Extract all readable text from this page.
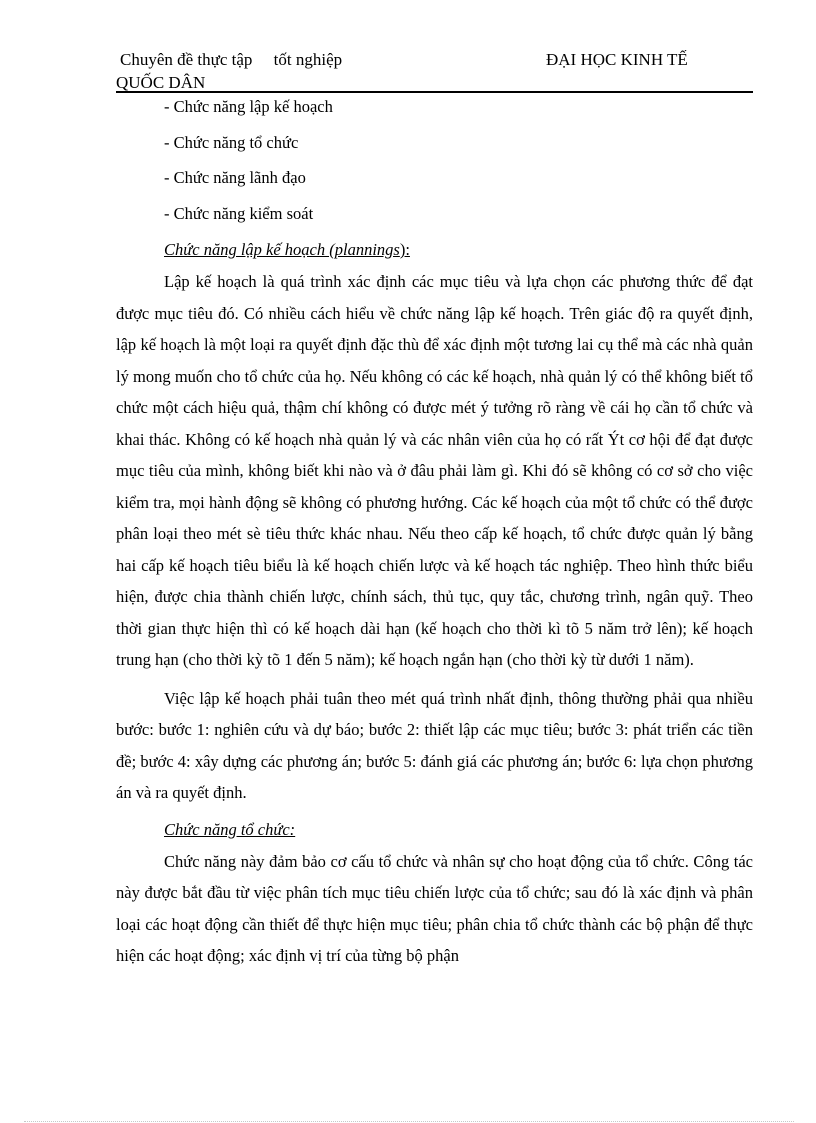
Chuyên đề thực tập     tốt nghiệp	ĐẠI HỌC KINH TẾ
QUỐC DÂN
- Chức năng lập kế hoạch
- Chức năng tổ chức
- Chức năng lãnh đạo
- Chức năng kiểm soát
Chức năng lập kế hoạch (plannings):

Lập kế hoạch là quá trình xác định các mục tiêu và lựa chọn các phương thức để đạt được mục tiêu đó. Có nhiều cách hiểu về chức năng lập kế hoạch. Trên giác độ ra quyết định, lập kế hoạch là một loại ra quyết định đặc thù để xác định một tương lai cụ thể mà các nhà quản lý mong muốn cho tổ chức của họ. Nếu không có các kế hoạch, nhà quản lý có thể không biết tổ chức một cách hiệu quả, thậm chí không có được mét ý tưởng rõ ràng về cái họ cần tổ chức và khai thác. Không có kế hoạch nhà quản lý và các nhân viên của họ có rất Ýt cơ hội để đạt được mục tiêu của mình, không biết khi nào và ở đâu phải làm gì. Khi đó sẽ không có cơ sở cho việc kiểm tra, mọi hành động sẽ không có phương hướng. Các kế hoạch của một tổ chức có thể được phân loại theo mét sè tiêu thức khác nhau. Nếu theo cấp kế hoạch, tổ chức được quản lý bằng hai cấp kế hoạch tiêu biểu là kế hoạch chiến lược và kế hoạch tác nghiệp. Theo hình thức biểu hiện, được chia thành chiến lược, chính sách, thủ tục, quy tắc, chương trình, ngân quỹ. Theo thời gian thực hiện thì có kế hoạch dài hạn (kế hoạch cho thời kì tõ 5 năm trở lên); kế hoạch trung hạn (cho thời kỳ tõ 1 đến 5 năm); kế hoạch ngắn hạn (cho thời kỳ từ dưới 1 năm).

Việc lập kế hoạch phải tuân theo mét quá trình nhất định, thông thường phải qua nhiều bước: bước 1: nghiên cứu và dự báo; bước 2: thiết lập các mục tiêu; bước 3: phát triển các tiền đề; bước 4: xây dựng các phương án; bước 5: đánh giá các phương án; bước 6: lựa chọn phương án và ra quyết định.

Chức năng tổ chức:

Chức năng này đảm bảo cơ cấu tổ chức và nhân sự cho hoạt động của tổ chức. Công tác này được bắt đầu từ việc phân tích mục tiêu chiến lược của tổ chức; sau đó là xác định và phân loại các hoạt động cần thiết để thực hiện mục tiêu; phân chia tổ chức thành các bộ phận để thực hiện các hoạt động; xác định vị trí của từng bộ phận
